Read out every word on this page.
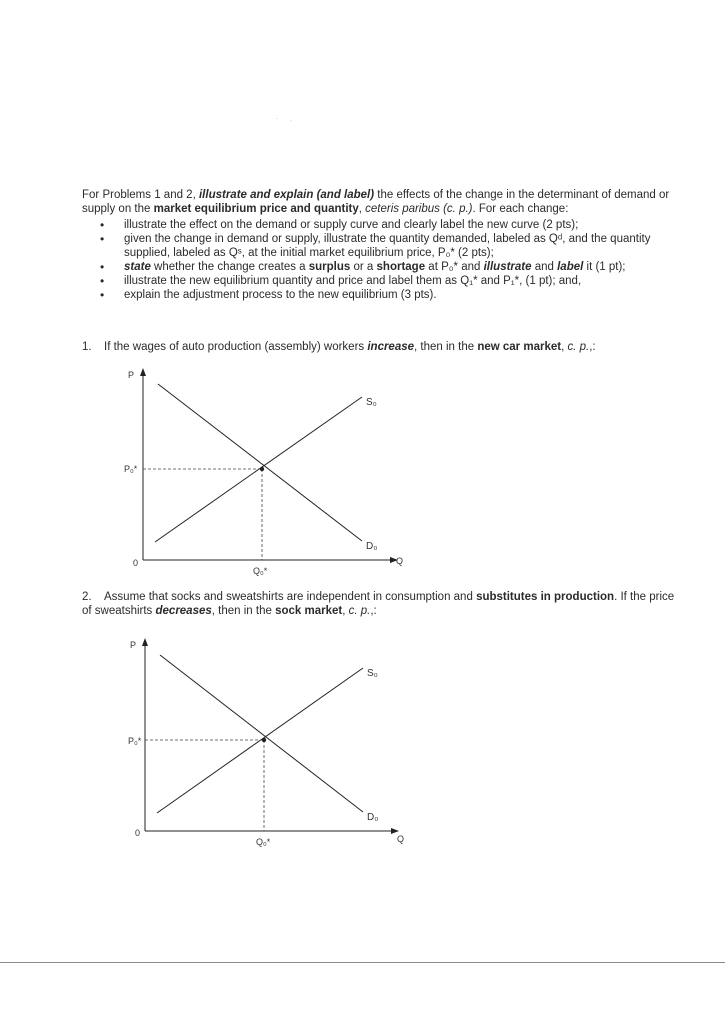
· ·

For Problems 1 and 2, illustrate and explain (and label) the effects of the change in the determinant of demand or supply on the market equilibrium price and quantity, ceteris paribus (c. p.). For each change:

• illustrate the effect on the demand or supply curve and clearly label the new curve (2 pts);
• given the change in demand or supply, illustrate the quantity demanded, labeled as Qᵈ, and the quantity supplied, labeled as Qˢ, at the initial market equilibrium price, P₀* (2 pts);
• state whether the change creates a surplus or a shortage at P₀* and illustrate and label it (1 pt);
• illustrate the new equilibrium quantity and price and label them as Q₁* and P₁*, (1 pt); and,
• explain the adjustment process to the new equilibrium (3 pts).
1. If the wages of auto production (assembly) workers increase, then in the new car market, c. p.,:
2. Assume that socks and sweatshirts are independent in consumption and substitutes in production. If the price of sweatshirts decreases, then in the sock market, c. p.,:
P
Q
0
S₀
D₀
P₀*
Q₀*
P
Q
0
S₀
D₀
P₀*
Q₀*
